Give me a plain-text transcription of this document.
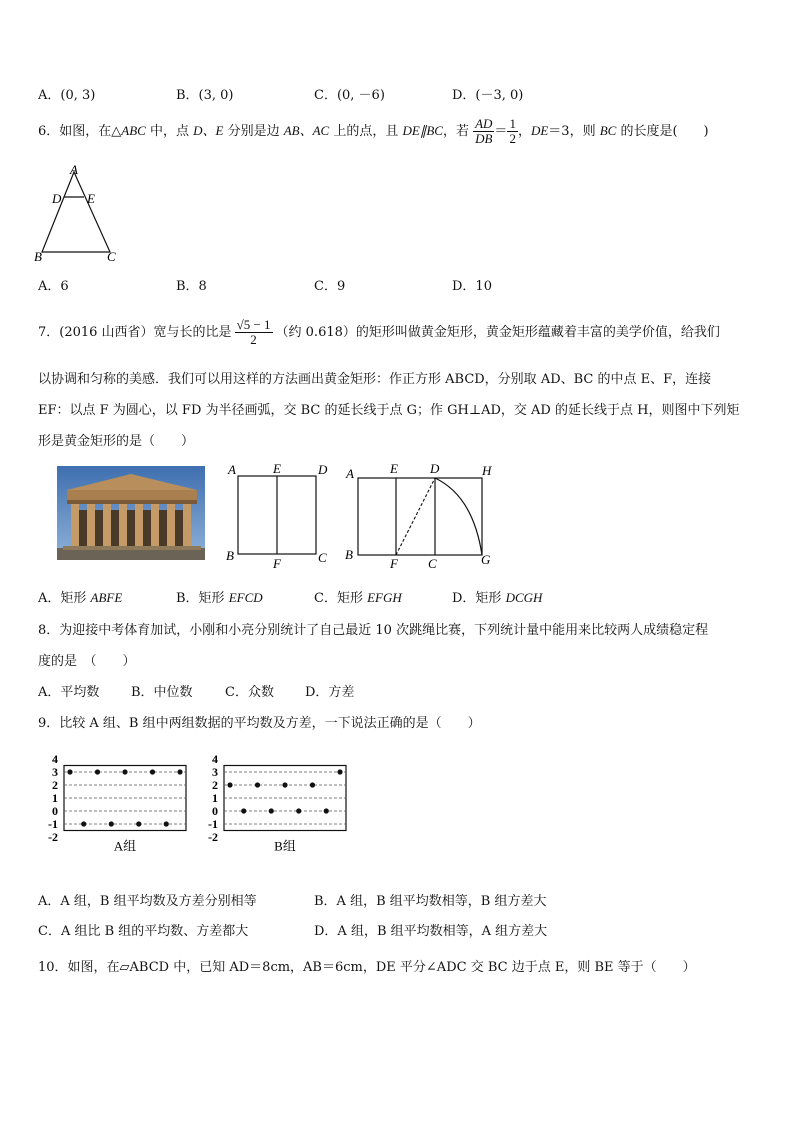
A．(0, 3)	B．(3, 0)	C．(0, －6)	D．(－3, 0)
6．如图，在△ABC 中，点 D、E 分别是边 AB、AC 上的点，且 DE∥BC，若 $\frac{AD}{DB} = \frac{1}{2}$ ，DE＝3，则 BC 的长度是(　　)
A
D E
B	C
A．6	B．8	C．9	D．10
7．(2016 山西省）宽与长的比是 $\frac{√5 - 1}{2}$ （约 0.618）的矩形叫做黄金矩形，黄金矩形蕴藏着丰富的美学价值，给我们
以协调和匀称的美感．我们可以用这样的方法画出黄金矩形：作正方形 ABCD，分别取 AD、BC 的中点 E、F，连接
EF：以点 F 为圆心，以 FD 为半径画弧，交 BC 的延长线于点 G；作 GH⊥AD，交 AD 的延长线于点 H，则图中下列矩
形是黄金矩形的是（　　）
A	E	D
B
F	C
A	E D	H
B
F C	G
A．矩形 ABFE	B．矩形 EFCD	C．矩形 EFGH	D．矩形 DCGH
8．为迎接中考体育加试，小刚和小亮分别统计了自己最近 10 次跳绳比赛，下列统计量中能用来比较两人成绩稳定程
度的是　（　　）
A．平均数 B．中位数 C．众数 D．方差
9．比较 A 组、B 组中两组数据的平均数及方差，一下说法正确的是（　　）
4
3
2
1
0
-1
-2
A组
4
3
2
1
0
-1
-2
B组
A．A 组，B 组平均数及方差分别相等	B．A 组，B 组平均数相等，B 组方差大
C．A 组比 B 组的平均数、方差都大	D．A 组，B 组平均数相等，A 组方差大
10．如图，在▱ABCD 中，已知 AD＝8cm，AB＝6cm，DE 平分∠ADC 交 BC 边于点 E，则 BE 等于（　　）
